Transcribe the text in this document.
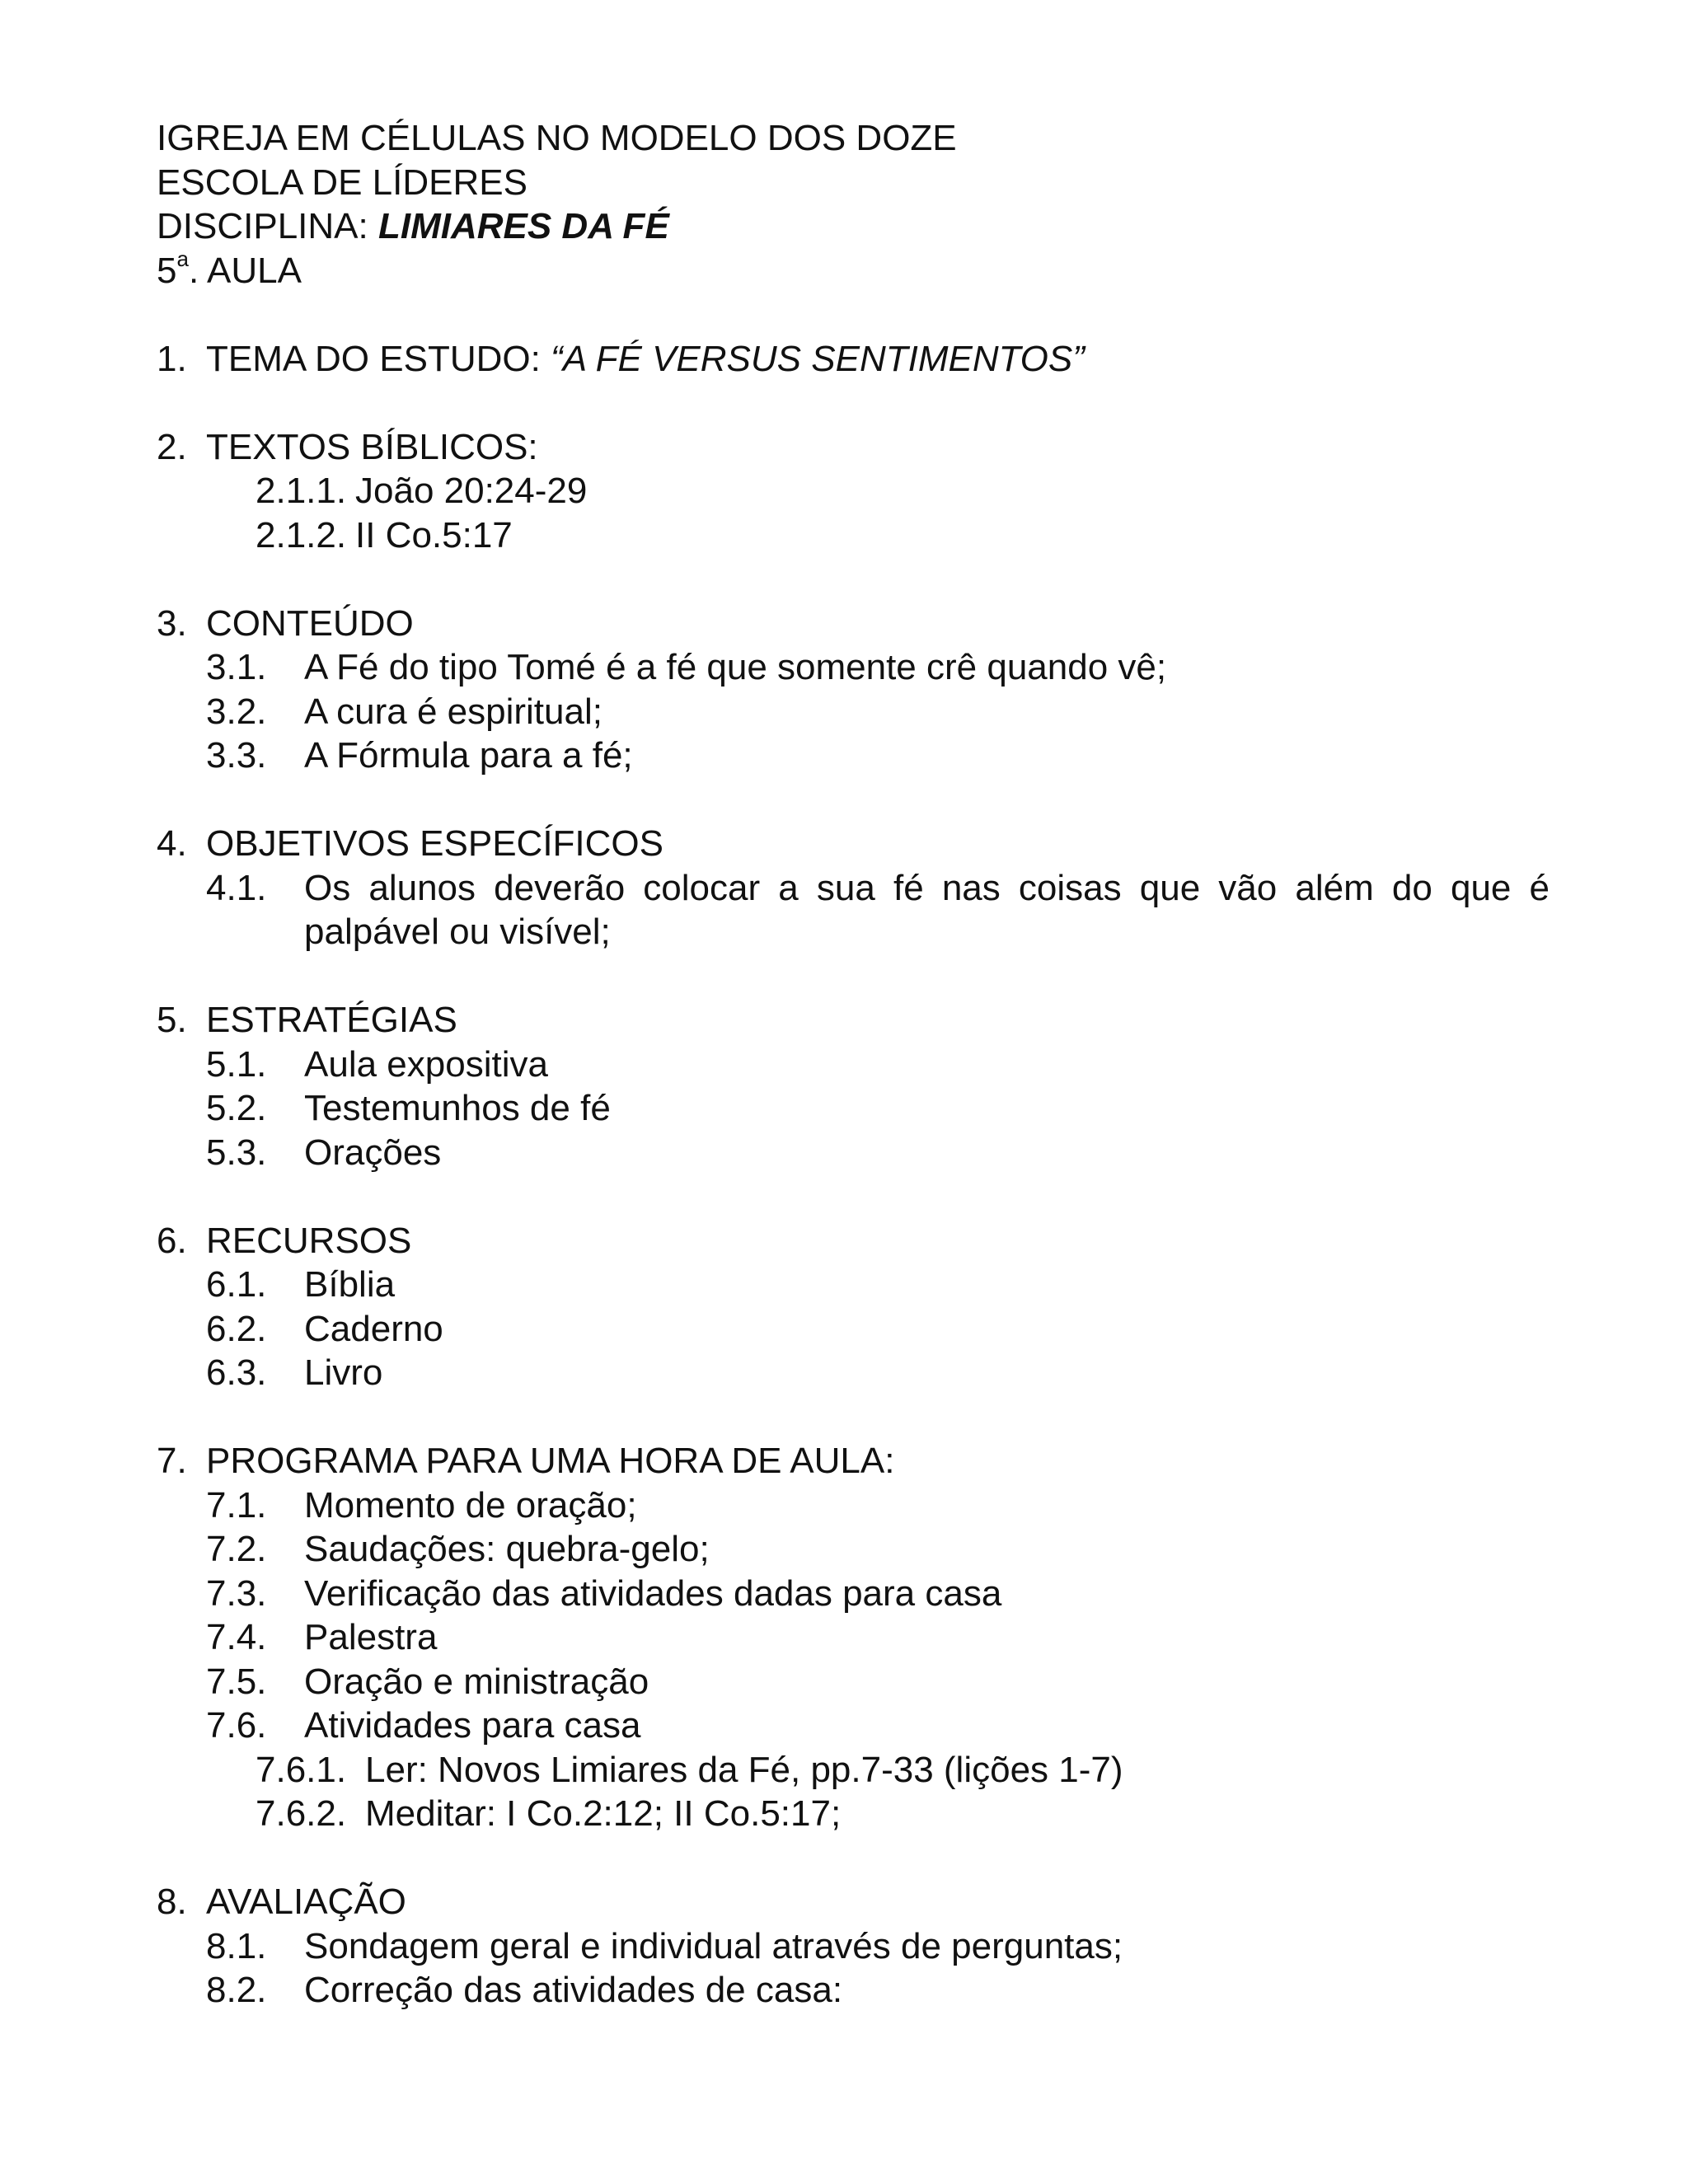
IGREJA EM CÉLULAS NO MODELO DOS DOZE
ESCOLA DE LÍDERES
DISCIPLINA: LIMIARES DA FÉ
5$^a$. AULA
1. TEMA DO ESTUDO: “A FÉ VERSUS SENTIMENTOS”
2. TEXTOS BÍBLICOS:
2.1.1. João 20:24-29
2.1.2. II Co.5:17
3. CONTEÚDO
3.1.	A Fé do tipo Tomé é a fé que somente crê quando vê;
3.2.	A cura é espiritual;
3.3.	A Fórmula para a fé;
4. OBJETIVOS ESPECÍFICOS
4.1.	Os alunos deverão colocar a sua fé nas coisas que vão além do que é palpável ou visível;
5. ESTRATÉGIAS
5.1.	Aula expositiva
5.2.	Testemunhos de fé
5.3.	Orações
6. RECURSOS
6.1.	Bíblia
6.2.	Caderno
6.3.	Livro
7. PROGRAMA PARA UMA HORA DE AULA:
7.1.	Momento de oração;
7.2.	Saudações: quebra-gelo;
7.3.	Verificação das atividades dadas para casa
7.4.	Palestra
7.5.	Oração e ministração
7.6.	Atividades para casa
7.6.1. Ler: Novos Limiares da Fé, pp.7-33 (lições 1-7)
7.6.2. Meditar: I Co.2:12; II Co.5:17;
8. AVALIAÇÃO
8.1.	Sondagem geral e individual através de perguntas;
8.2.	Correção das atividades de casa:
